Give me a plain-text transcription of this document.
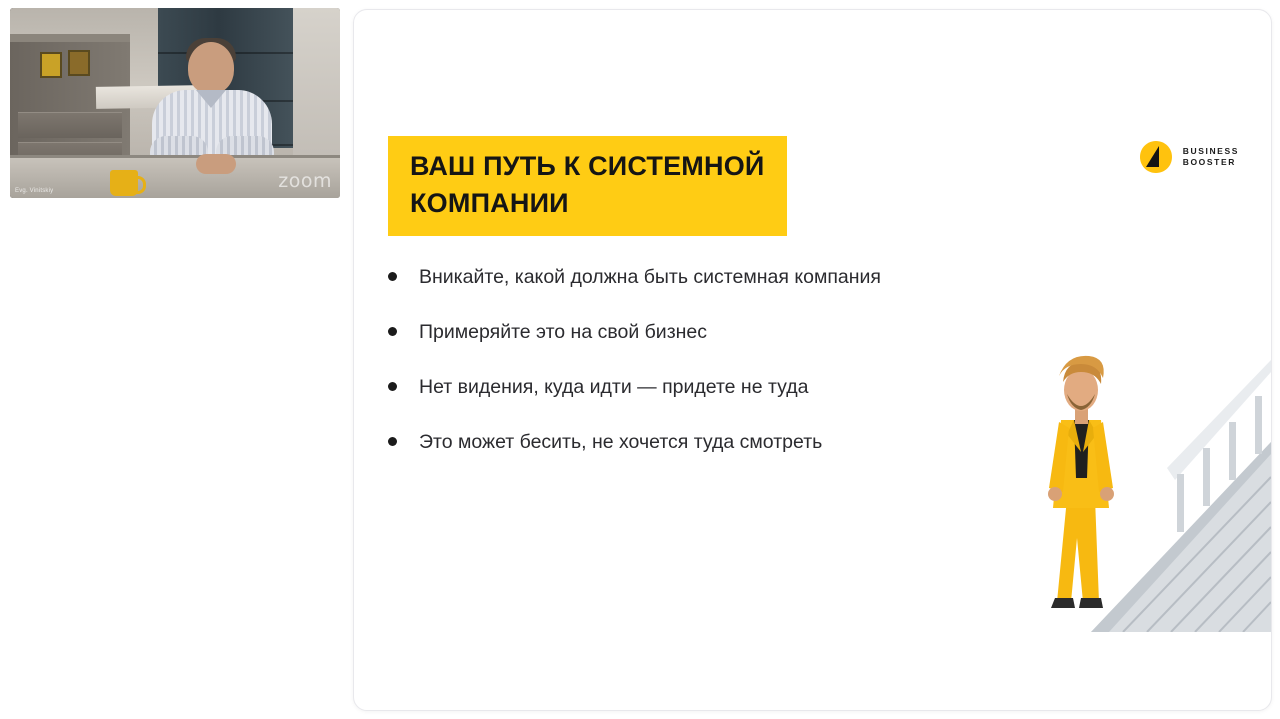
zoom
Evg. Vinitskiy
ВАШ ПУТЬ К СИСТЕМНОЙ
КОМПАНИИ
BUSINESS
BOOSTER
Вникайте, какой должна быть системная компания
Примеряйте это на свой бизнес
Нет видения, куда идти — придете не туда
Это может бесить, не хочется туда смотреть
